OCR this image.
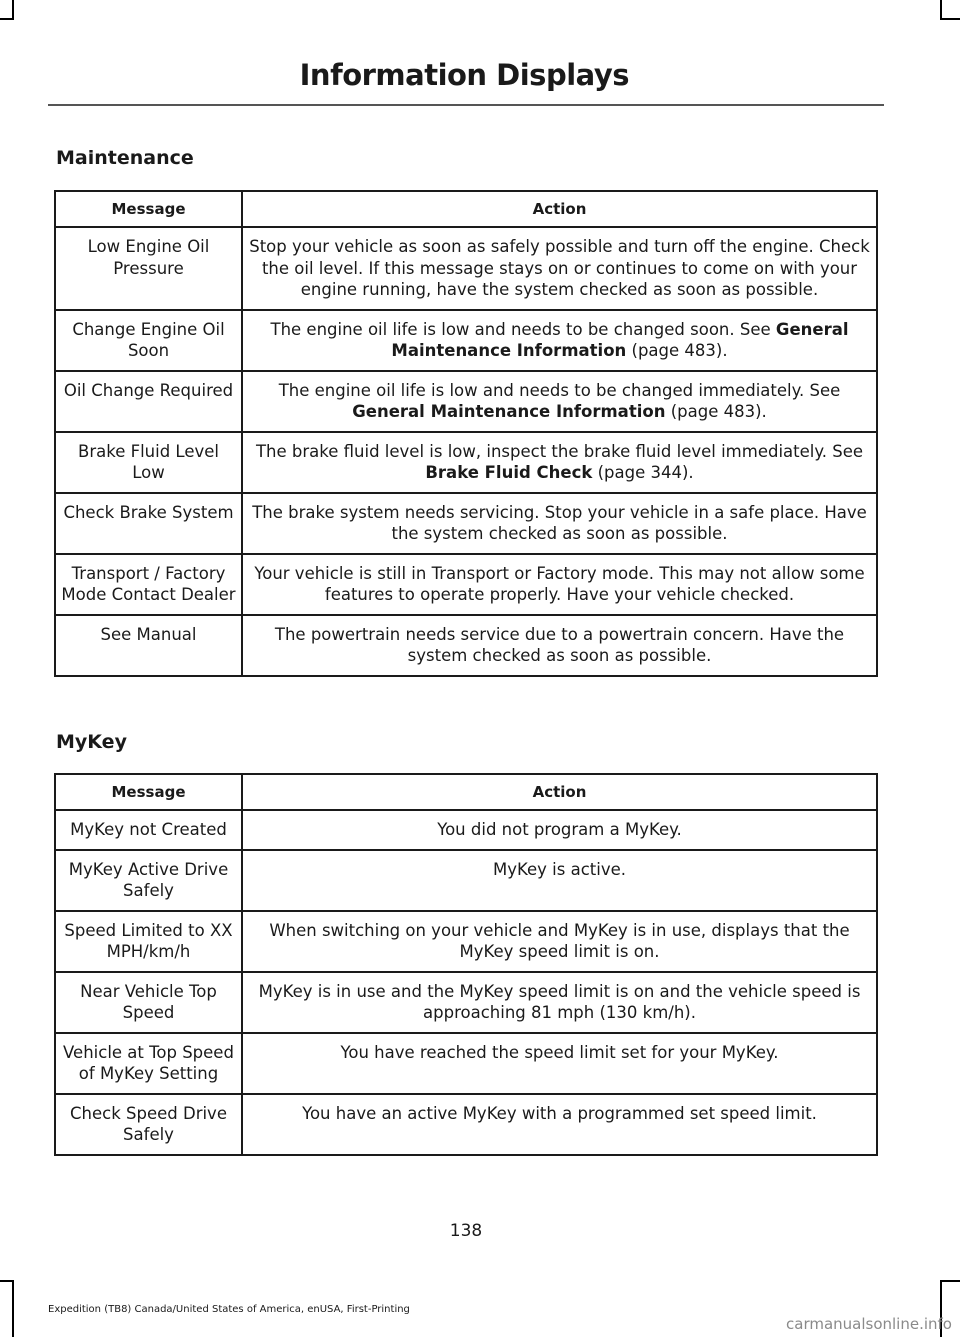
Information Displays
Maintenance
Message	Action
Low Engine Oil Pressure	Stop your vehicle as soon as safely possible and turn off the engine. Check the oil level. If this message stays on or continues to come on with your engine running, have the system checked as soon as possible.
Change Engine Oil Soon	The engine oil life is low and needs to be changed soon. See General Maintenance Information (page 483).
Oil Change Required	The engine oil life is low and needs to be changed immediately. See General Maintenance Information (page 483).
Brake Fluid Level Low	The brake fluid level is low, inspect the brake fluid level immediately. See Brake Fluid Check (page 344).
Check Brake System	The brake system needs servicing. Stop your vehicle in a safe place. Have the system checked as soon as possible.
Transport / Factory Mode Contact Dealer	Your vehicle is still in Transport or Factory mode. This may not allow some features to operate properly. Have your vehicle checked.
See Manual	The powertrain needs service due to a powertrain concern. Have the system checked as soon as possible.
MyKey
Message	Action
MyKey not Created	You did not program a MyKey.
MyKey Active Drive Safely	MyKey is active.
Speed Limited to XX MPH/km/h	When switching on your vehicle and MyKey is in use, displays that the MyKey speed limit is on.
Near Vehicle Top Speed	MyKey is in use and the MyKey speed limit is on and the vehicle speed is approaching 81 mph (130 km/h).
Vehicle at Top Speed of MyKey Setting	You have reached the speed limit set for your MyKey.
Check Speed Drive Safely	You have an active MyKey with a programmed set speed limit.
138
Expedition (TB8) Canada/United States of America, enUSA, First-Printing
carmanualsonline.info
